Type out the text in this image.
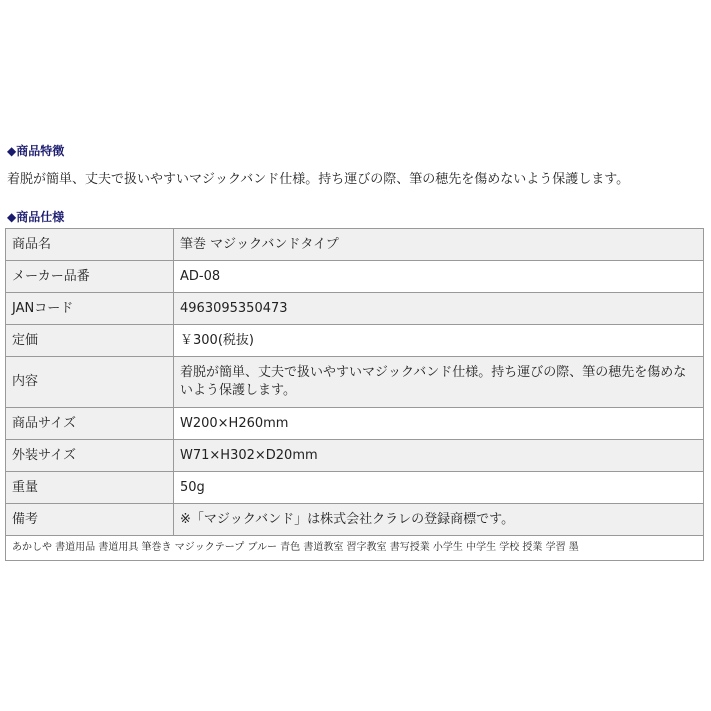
◆商品特徴
着脱が簡単、丈夫で扱いやすいマジックバンド仕様。持ち運びの際、筆の穂先を傷めないよう保護します。
◆商品仕様
商品名	筆巻 マジックバンドタイプ
メーカー品番	AD-08
JANコード	4963095350473
定価	￥300(税抜)
内容	着脱が簡単、丈夫で扱いやすいマジックバンド仕様。持ち運びの際、筆の穂先を傷めないよう保護します。
商品サイズ	W200×H260mm
外装サイズ	W71×H302×D20mm
重量	50g
備考	※「マジックバンド」は株式会社クラレの登録商標です。
あかしや 書道用品 書道用具 筆巻き マジックテープ ブルー 青色 書道教室 習字教室 書写授業 小学生 中学生 学校 授業 学習 墨	
